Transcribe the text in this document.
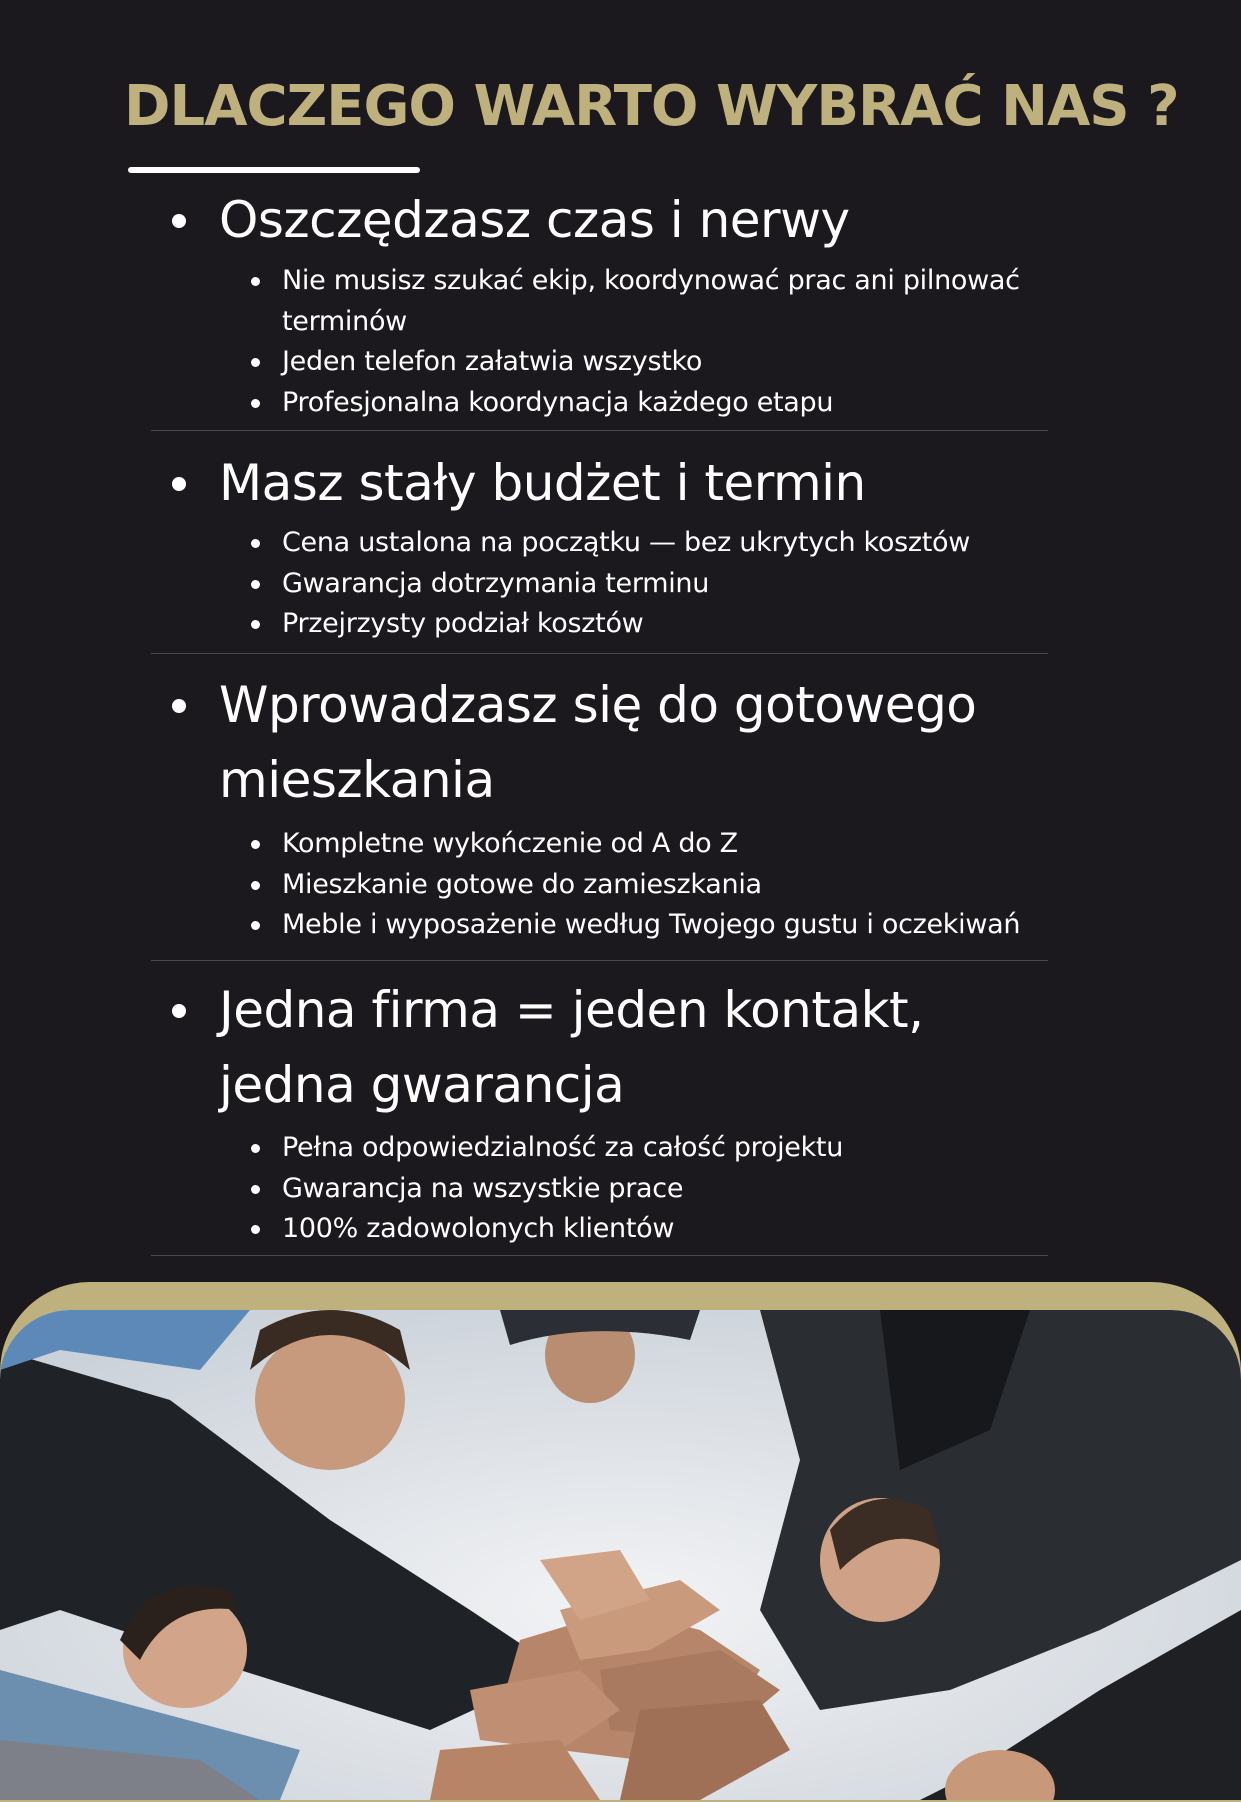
DLACZEGO WARTO WYBRAĆ NAS ?
Oszczędzasz czas i nerwy
Nie musisz szukać ekip, koordynować prac ani pilnować terminów
Jeden telefon załatwia wszystko
Profesjonalna koordynacja każdego etapu
Masz stały budżet i termin
Cena ustalona na początku — bez ukrytych kosztów
Gwarancja dotrzymania terminu
Przejrzysty podział kosztów
Wprowadzasz się do gotowego mieszkania
Kompletne wykończenie od A do Z
Mieszkanie gotowe do zamieszkania
Meble i wyposażenie według Twojego gustu i oczekiwań
Jedna firma = jeden kontakt, jedna gwarancja
Pełna odpowiedzialność za całość projektu
Gwarancja na wszystkie prace
100% zadowolonych klientów
